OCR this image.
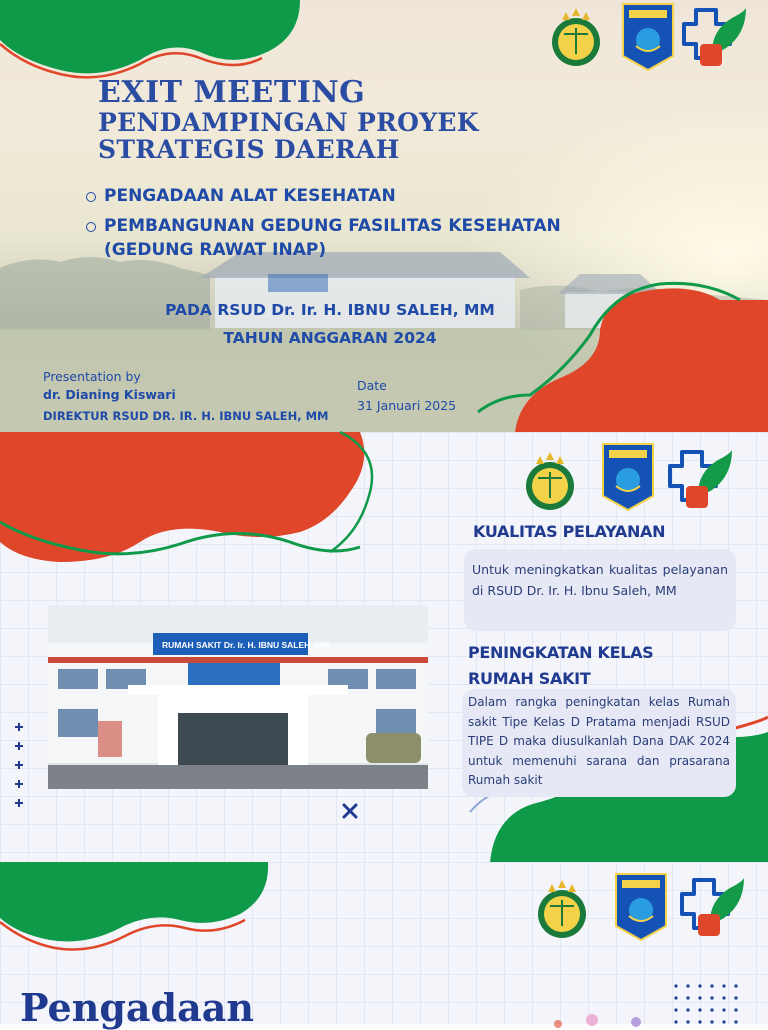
EXIT MEETING
PENDAMPINGAN PROYEK
STRATEGIS DAERAH
PENGADAAN ALAT KESEHATAN
PEMBANGUNAN GEDUNG FASILITAS KESEHATAN
(GEDUNG RAWAT INAP)
PADA RSUD Dr. Ir. H. IBNU SALEH, MM
TAHUN ANGGARAN 2024
Presentation by
dr. Dianing Kiswari
DIREKTUR RSUD DR. IR. H. IBNU SALEH, MM
Date
31 Januari 2025
KUALITAS PELAYANAN
Untuk meningkatkan kualitas pelayanan di RSUD Dr. Ir. H. Ibnu Saleh, MM
PENINGKATAN KELAS
RUMAH SAKIT
Dalam rangka peningkatan kelas Rumah sakit Tipe Kelas D Pratama menjadi RSUD TIPE D maka diusulkanlah Dana DAK 2024 untuk memenuhi sarana dan prasarana Rumah sakit
RUMAH SAKIT Dr. Ir. H. IBNU SALEH, MM
Pengadaan
